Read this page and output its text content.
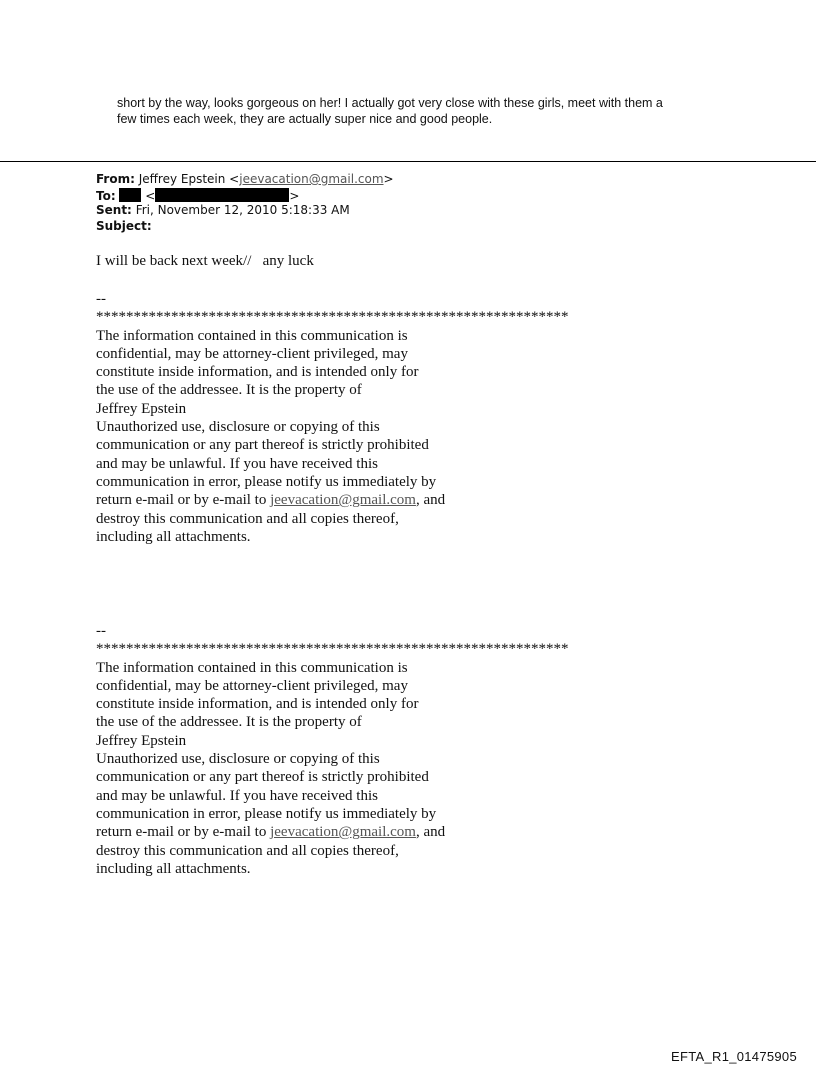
short by the way, looks gorgeous on her! I actually got very close with these girls, meet with them a
few times each week, they are actually super nice and good people.
From: Jeffrey Epstein <jeevacation@gmail.com>
To: <	>
Sent: Fri, November 12, 2010 5:18:33 AM
Subject:
I will be back next week//   any luck
--
***************************************************************
The information contained in this communication is
confidential, may be attorney-client privileged, may
constitute inside information, and is intended only for
the use of the addressee. It is the property of
Jeffrey Epstein
Unauthorized use, disclosure or copying of this
communication or any part thereof is strictly prohibited
and may be unlawful. If you have received this
communication in error, please notify us immediately by
return e-mail or by e-mail to jeevacation@gmail.com, and
destroy this communication and all copies thereof,
including all attachments.
--
***************************************************************
The information contained in this communication is
confidential, may be attorney-client privileged, may
constitute inside information, and is intended only for
the use of the addressee. It is the property of
Jeffrey Epstein
Unauthorized use, disclosure or copying of this
communication or any part thereof is strictly prohibited
and may be unlawful. If you have received this
communication in error, please notify us immediately by
return e-mail or by e-mail to jeevacation@gmail.com, and
destroy this communication and all copies thereof,
including all attachments.
EFTA_R1_01475905
